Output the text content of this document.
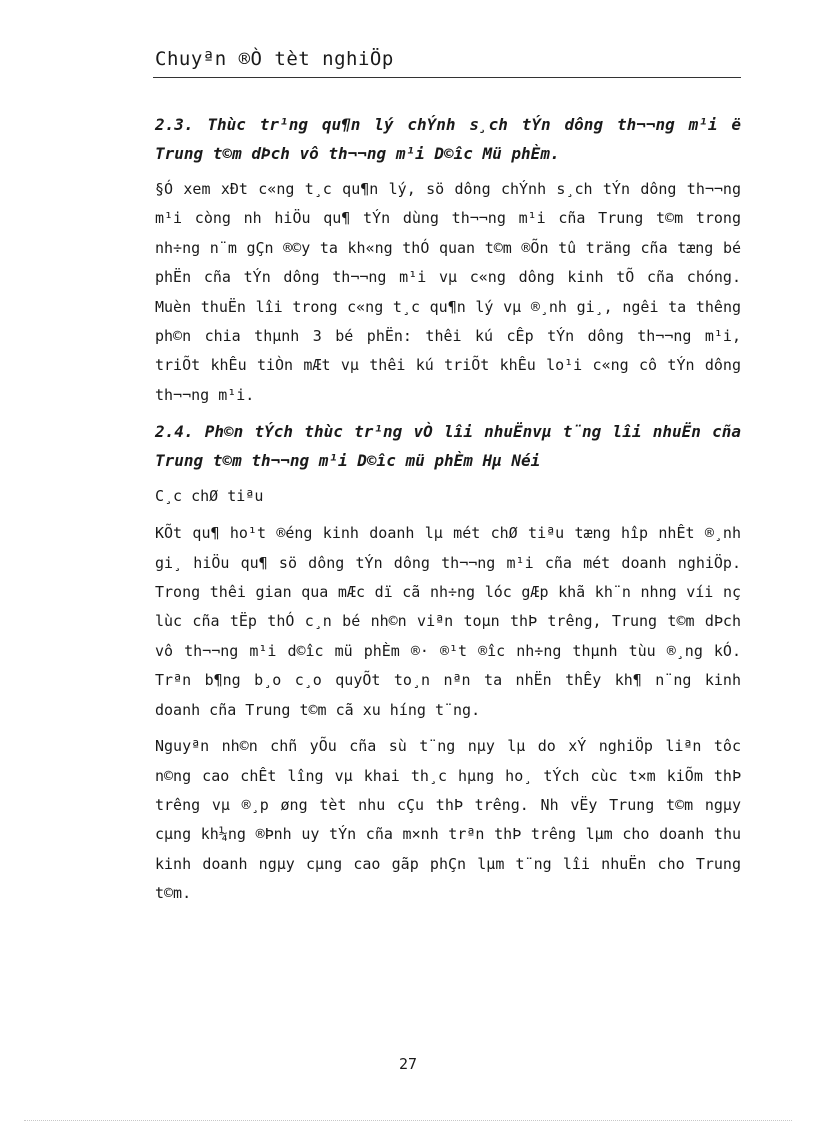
Chuyªn ®Ò tèt nghiÖp

2.3. Thùc tr¹ng qu¶n lý chÝnh s¸ch tÝn dông th¬¬ng m¹i ë Trung t©m dÞch vô th¬¬ng m¹i D©îc Mü phÈm.

§Ó xem xÐt c«ng t¸c qu¶n lý, sö dông chÝnh s¸ch tÝn dông th¬¬ng m¹i còng nh hiÖu qu¶ tÝn dùng th¬¬ng m¹i cña Trung t©m trong nh÷ng n¨m gÇn ®©y ta kh«ng thÓ quan t©m ®Õn tû träng cña tæng bé phËn cña tÝn dông th¬¬ng m¹i vµ c«ng dông kinh tÕ cña chóng. Muèn thuËn lîi trong c«ng t¸c qu¶n lý vµ ®¸nh gi¸, ngêi ta thêng ph©n chia thµnh 3 bé phËn: thêi kú cÊp tÝn dông th¬¬ng m¹i, triÕt khÊu tiÒn mÆt vµ thêi kú triÕt khÊu lo¹i c«ng cô tÝn dông th¬¬ng m¹i.

2.4. Ph©n tÝch thùc tr¹ng vÒ lîi nhuËnvµ t¨ng lîi nhuËn cña Trung t©m th¬¬ng m¹i D©îc mü phÈm Hµ Néi

C¸c chØ tiªu

KÕt qu¶ ho¹t ®éng kinh doanh lµ mét chØ tiªu tæng hîp nhÊt ®¸nh gi¸ hiÖu qu¶ sö dông tÝn dông th¬¬ng m¹i cña mét doanh nghiÖp. Trong thêi gian qua mÆc dï cã nh÷ng lóc gÆp khã kh¨n nhng víi nç lùc cña tËp thÓ c¸n bé nh©n viªn toµn thÞ trêng, Trung t©m dÞch vô th¬¬ng m¹i d©îc mü phÈm ®· ®¹t ®îc nh÷ng thµnh tùu ®¸ng kÓ. Trªn b¶ng b¸o c¸o quyÕt to¸n nªn ta nhËn thÊy kh¶ n¨ng kinh doanh cña Trung t©m cã xu híng t¨ng.

Nguyªn nh©n chñ yÕu cña sù t¨ng nµy lµ do xÝ nghiÖp liªn tôc n©ng cao chÊt lîng vµ khai th¸c hµng ho¸ tÝch cùc t×m kiÕm thÞ trêng vµ ®¸p øng tèt nhu cÇu thÞ trêng. Nh vËy Trung t©m ngµy cµng kh¼ng ®Þnh uy tÝn cña m×nh trªn thÞ trêng lµm cho doanh thu kinh doanh ngµy cµng cao gãp phÇn lµm t¨ng lîi nhuËn cho Trung t©m.

27
